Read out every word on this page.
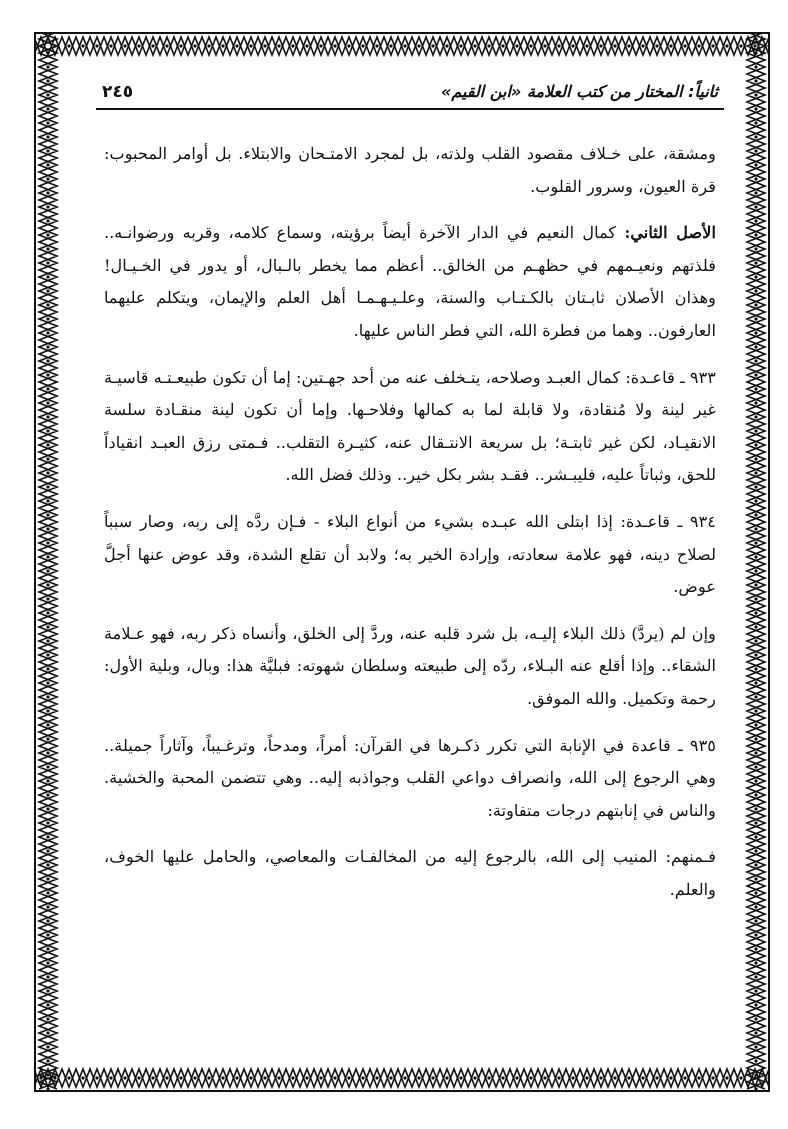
ثانياً: المختار من كتب العلامة «ابن القيم»
٢٤٥

ومشقة، على خـلاف مقصود القلب ولذته، بل لمجرد الامتـحان والابتلاء. بل أوامر المحبوب: قرة العيون، وسرور القلوب.

الأصل الثاني: كمال النعيم في الدار الآخرة أيضاً برؤيته، وسماع كلامه، وقربه ورضوانـه.. فلذتهم ونعيـمهم في حظهـم من الخالق.. أعظم مما يخطر بالـبال، أو يدور في الخـيـال! وهذان الأصلان ثابـتان بالكـتـاب والسنة، وعلـيـهـمـا أهل العلم والإيمان، ويتكلم عليهما العارفون.. وهما من فطرة الله، التي فطر الناس عليها.

٩٣٣ ـ قاعـدة: كمال العبـد وصلاحه، يتـخلف عنه من أحد جهـتين: إما أن تكون طبيعـتـه قاسيـة غير لينة ولا مُنقادة، ولا قابلة لما به كمالها وفلاحـها. وإما أن تكون لينة منقـادة سلسة الانقيـاد، لكن غير ثابتـة؛ بل سريعة الانتـقال عنه، كثيـرة التقلب.. فـمتى رزق العبـد انقياداً للحق، وثباتاً عليه، فليبـشر.. فقـد بشر بكل خير.. وذلك فضل الله.

٩٣٤ ـ قاعـدة: إذا ابتلى الله عبـده بشيء من أنواع البلاء - فـإن ردَّه إلى ربه، وصار سبباً لصلاح دينه، فهو علامة سعادته، وإرادة الخير به؛ ولابد أن تقلع الشدة، وقد عوض عنها أجلَّ عوض.

وإن لم (يردَّ) ذلك البلاء إليـه، بل شرد قلبه عنه، وردَّ إلى الخلق، وأنساه ذكر ربه، فهو عـلامة الشقاء.. وإذا أقلع عنه البـلاء، ردّه إلى طبيعته وسلطان شهوته: فبليَّة هذا: وبال، وبلية الأول: رحمة وتكميل. والله الموفق.

٩٣٥ ـ قاعدة في الإنابة التي تكرر ذكـرها في القرآن: أمراً، ومدحاً، وترغـيباً، وآثاراً جميلة.. وهي الرجوع إلى الله، وانصراف دواعي القلب وجواذبه إليه.. وهي تتضمن المحبة والخشية. والناس في إنابتهم درجات متفاوتة:

فـمنهم: المنيب إلى الله، بالرجوع إليه من المخالفـات والمعاصي، والحامل عليها الخوف، والعلم.
